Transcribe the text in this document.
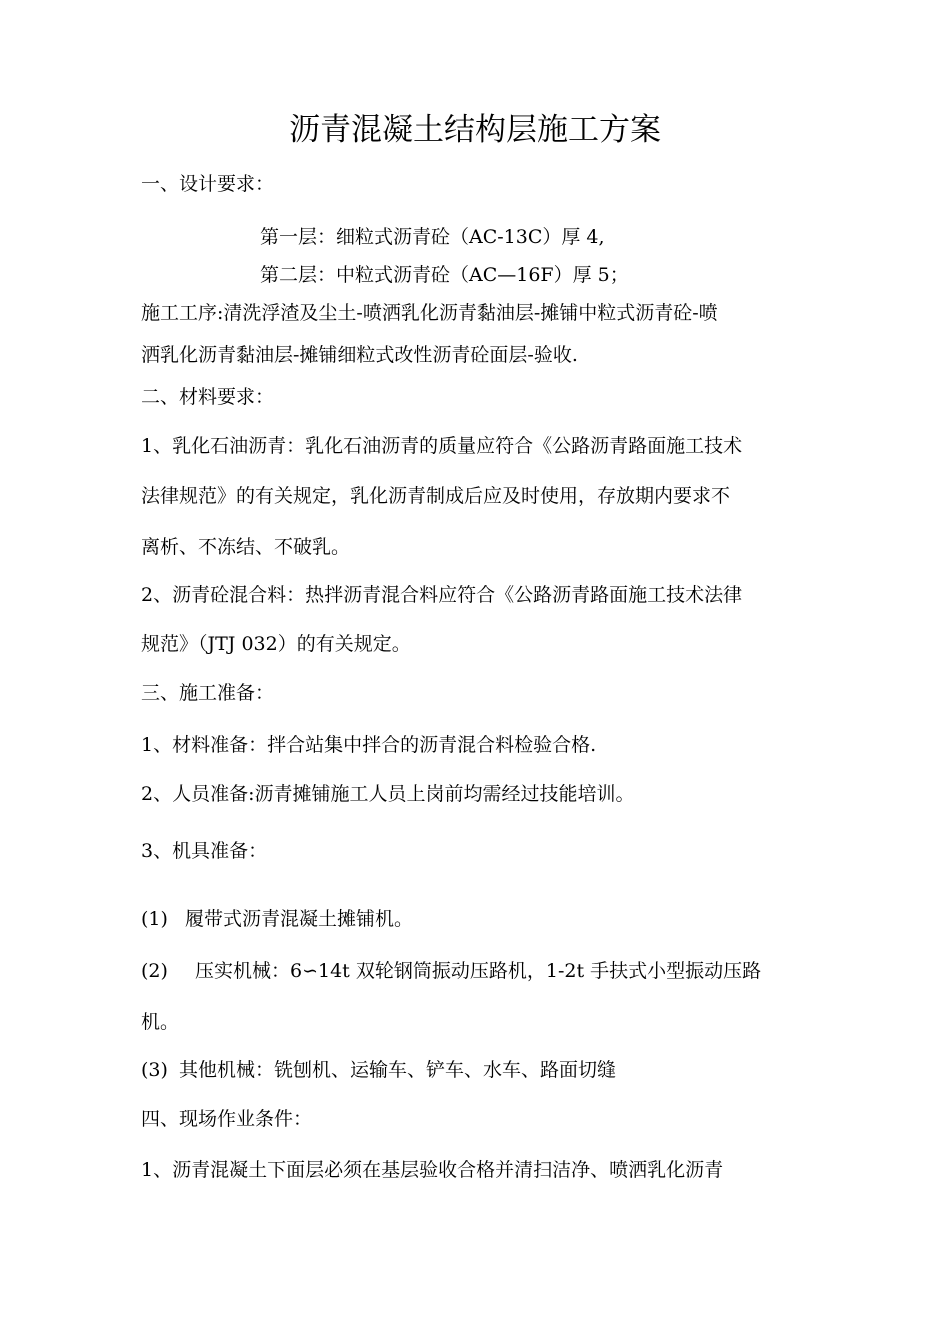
沥青混凝土结构层施工方案
一、设计要求：
第一层：细粒式沥青砼（AC-13C）厚 4,
第二层：中粒式沥青砼（AC—16F）厚 5；
施工工序:清洗浮渣及尘土-喷洒乳化沥青黏油层-摊铺中粒式沥青砼-喷
洒乳化沥青黏油层-摊铺细粒式改性沥青砼面层-验收.
二、材料要求：
1、乳化石油沥青：乳化石油沥青的质量应符合《公路沥青路面施工技术
法律规范》的有关规定，乳化沥青制成后应及时使用，存放期内要求不
离析、不冻结、不破乳。
2、沥青砼混合料：热拌沥青混合料应符合《公路沥青路面施工技术法律
规范》（JTJ 032）的有关规定。
三、施工准备：
1、材料准备：拌合站集中拌合的沥青混合料检验合格.
2、人员准备:沥青摊铺施工人员上岗前均需经过技能培训。
3、机具准备：
(1) 履带式沥青混凝土摊铺机。
(2) 压实机械：6∽14t 双轮钢筒振动压路机，1-2t 手扶式小型振动压路
机。
(3) 其他机械：铣刨机、运输车、铲车、水车、路面切缝
四、现场作业条件：
1、沥青混凝土下面层必须在基层验收合格并清扫洁净、喷洒乳化沥青
